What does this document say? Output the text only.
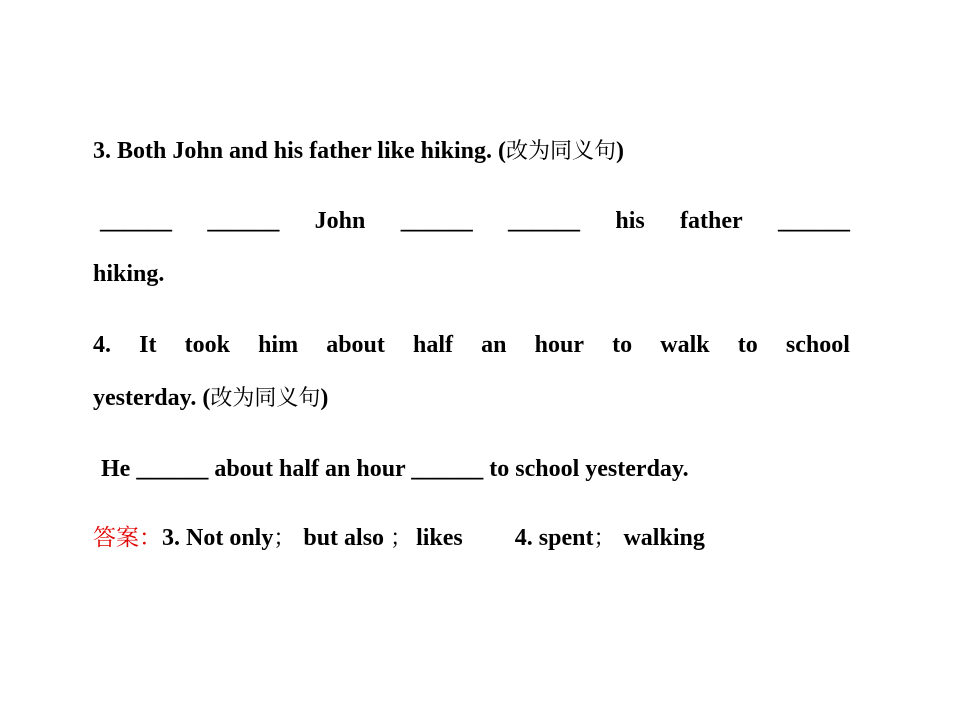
3. Both John and his father like hiking. (改为同义句)
______ ______ John ______ ______ his father ______
hiking.
4. It took him about half an hour to walk to school
yesterday. (改为同义句)
He ______ about half an hour ______ to school yesterday.
答案：3. Not only； but also ； likes 4. spent； walking
